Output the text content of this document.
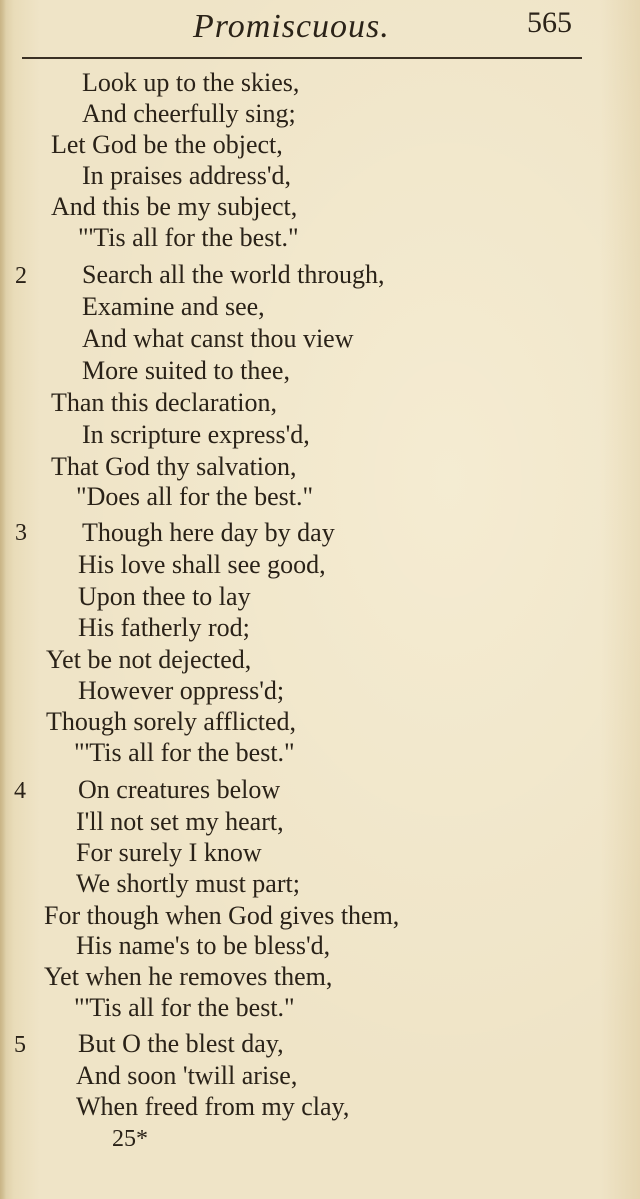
Promiscuous.	565
Look up to the skies,
And cheerfully sing;
Let God be the object,
In praises address'd,
And this be my subject,
"'Tis all for the best."
2 Search all the world through,
Examine and see,
And what canst thou view
More suited to thee,
Than this declaration,
In scripture express'd,
That God thy salvation,
"Does all for the best."
3 Though here day by day
His love shall see good,
Upon thee to lay
His fatherly rod;
Yet be not dejected,
However oppress'd;
Though sorely afflicted,
"'Tis all for the best."
4 On creatures below
I'll not set my heart,
For surely I know
We shortly must part;
For though when God gives them,
His name's to be bless'd,
Yet when he removes them,
"'Tis all for the best."
5 But O the blest day,
And soon 'twill arise,
When freed from my clay,
25*
